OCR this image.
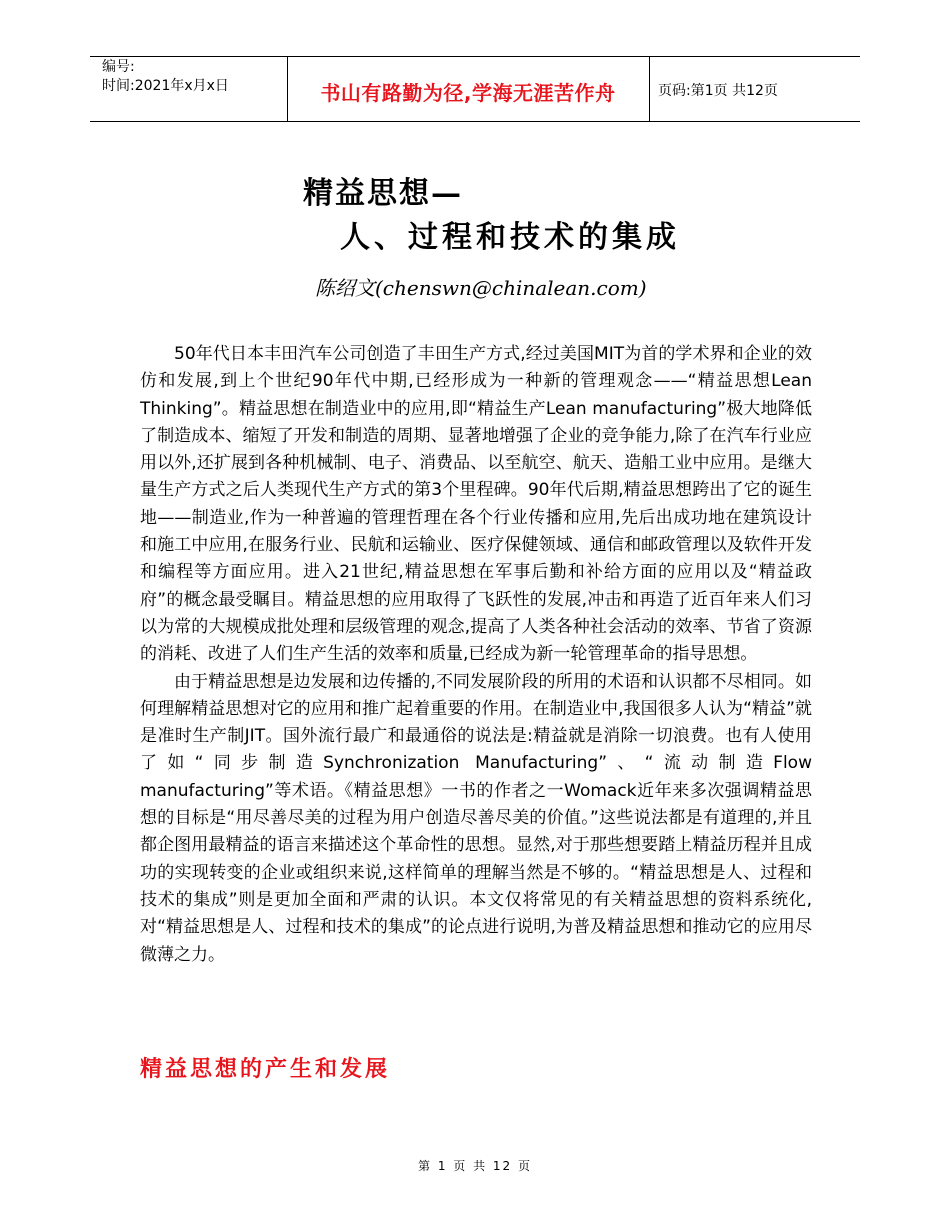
编号:
时间:2021年x月x日	书山有路勤为径,学海无涯苦作舟	页码:第1页 共12页
精益思想—
人、过程和技术的集成
陈绍文(chenswn@chinalean.com)

50年代日本丰田汽车公司创造了丰田生产方式,经过美国MIT为首的学术界和企业的效仿和发展,到上个世纪90年代中期,已经形成为一种新的管理观念——“精益思想Lean Thinking”。精益思想在制造业中的应用,即“精益生产Lean manufacturing”极大地降低了制造成本、缩短了开发和制造的周期、显著地增强了企业的竞争能力,除了在汽车行业应用以外,还扩展到各种机械制、电子、消费品、以至航空、航天、造船工业中应用。是继大量生产方式之后人类现代生产方式的第3个里程碑。90年代后期,精益思想跨出了它的诞生地——制造业,作为一种普遍的管理哲理在各个行业传播和应用,先后出成功地在建筑设计和施工中应用,在服务行业、民航和运输业、医疗保健领域、通信和邮政管理以及软件开发和编程等方面应用。进入21世纪,精益思想在军事后勤和补给方面的应用以及“精益政府”的概念最受瞩目。精益思想的应用取得了飞跃性的发展,冲击和再造了近百年来人们习以为常的大规模成批处理和层级管理的观念,提高了人类各种社会活动的效率、节省了资源的消耗、改进了人们生产生活的效率和质量,已经成为新一轮管理革命的指导思想。

由于精益思想是边发展和边传播的,不同发展阶段的所用的术语和认识都不尽相同。如何理解精益思想对它的应用和推广起着重要的作用。在制造业中,我国很多人认为“精益”就是准时生产制JIT。国外流行最广和最通俗的说法是:精益就是消除一切浪费。也有人使用了如“同步制造Synchronization Manufacturing”、“流动制造Flow manufacturing”等术语。《精益思想》一书的作者之一Womack近年来多次强调精益思想的目标是“用尽善尽美的过程为用户创造尽善尽美的价值。”这些说法都是有道理的,并且都企图用最精益的语言来描述这个革命性的思想。显然,对于那些想要踏上精益历程并且成功的实现转变的企业或组织来说,这样简单的理解当然是不够的。“精益思想是人、过程和技术的集成”则是更加全面和严肃的认识。本文仅将常见的有关精益思想的资料系统化,对“精益思想是人、过程和技术的集成”的论点进行说明,为普及精益思想和推动它的应用尽微薄之力。

精益思想的产生和发展
第 1 页 共 12 页
